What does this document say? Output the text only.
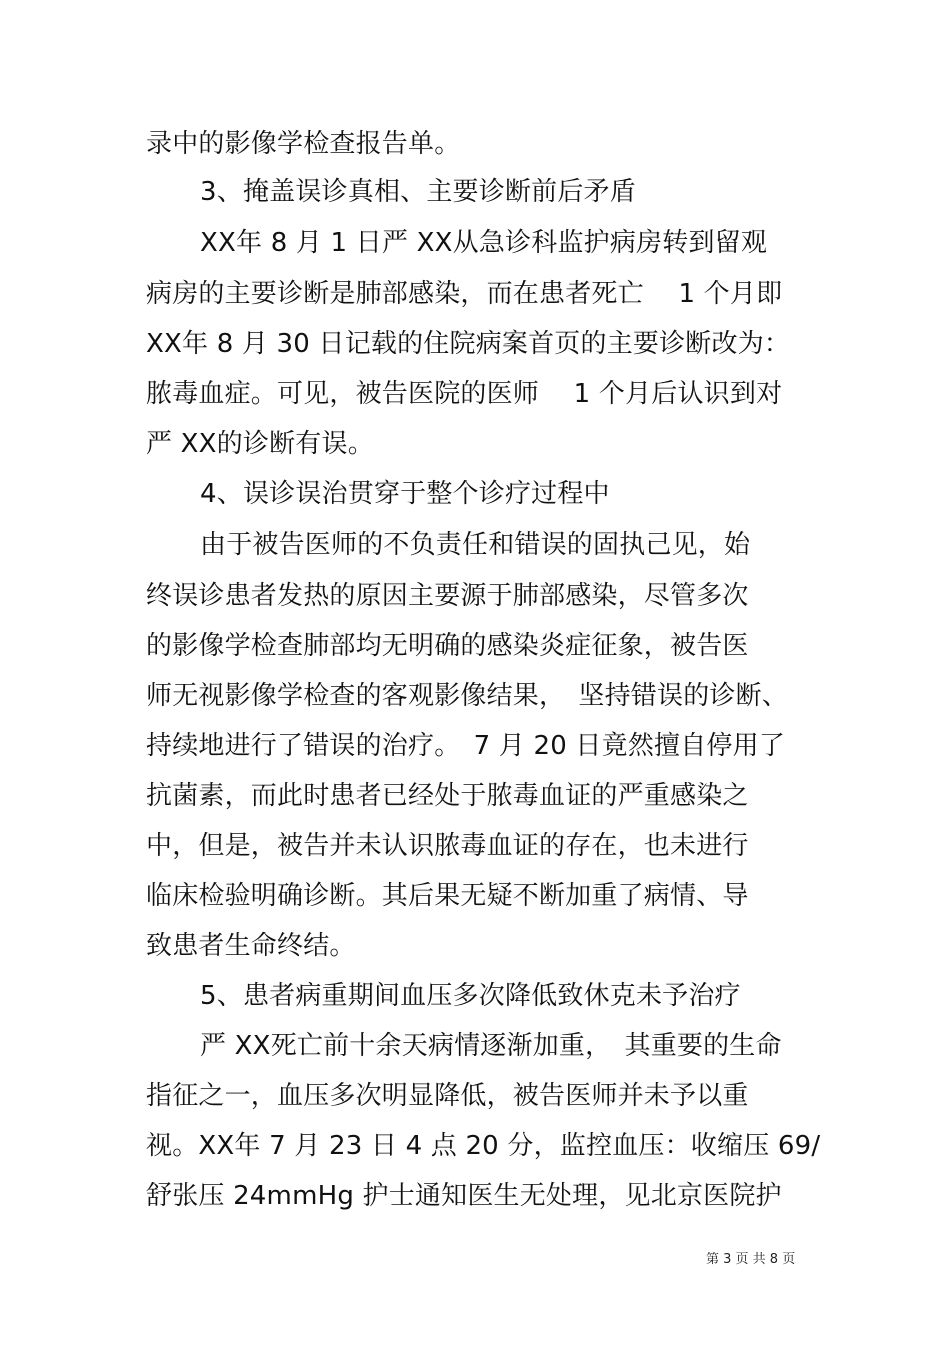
录中的影像学检查报告单。
3、掩盖误诊真相、主要诊断前后矛盾
XX年 8 月 1 日严 XX从急诊科监护病房转到留观
病房的主要诊断是肺部感染，而在患者死亡　 1 个月即
XX年 8 月 30 日记载的住院病案首页的主要诊断改为：
脓毒血症。可见，被告医院的医师　 1 个月后认识到对
严 XX的诊断有误。
4、误诊误治贯穿于整个诊疗过程中
由于被告医师的不负责任和错误的固执己见，始
终误诊患者发热的原因主要源于肺部感染，尽管多次
的影像学检查肺部均无明确的感染炎症征象，被告医
师无视影像学检查的客观影像结果，　坚持错误的诊断、
持续地进行了错误的治疗。　7 月 20 日竟然擅自停用了
抗菌素，而此时患者已经处于脓毒血证的严重感染之
中，但是，被告并未认识脓毒血证的存在，也未进行
临床检验明确诊断。其后果无疑不断加重了病情、导
致患者生命终结。
5、患者病重期间血压多次降低致休克未予治疗
严 XX死亡前十余天病情逐渐加重，　其重要的生命
指征之一，血压多次明显降低，被告医师并未予以重
视。XX年 7 月 23 日 4 点 20 分，监控血压：收缩压 69/
舒张压 24mmHg 护士通知医生无处理，见北京医院护
第 3 页 共 8 页
